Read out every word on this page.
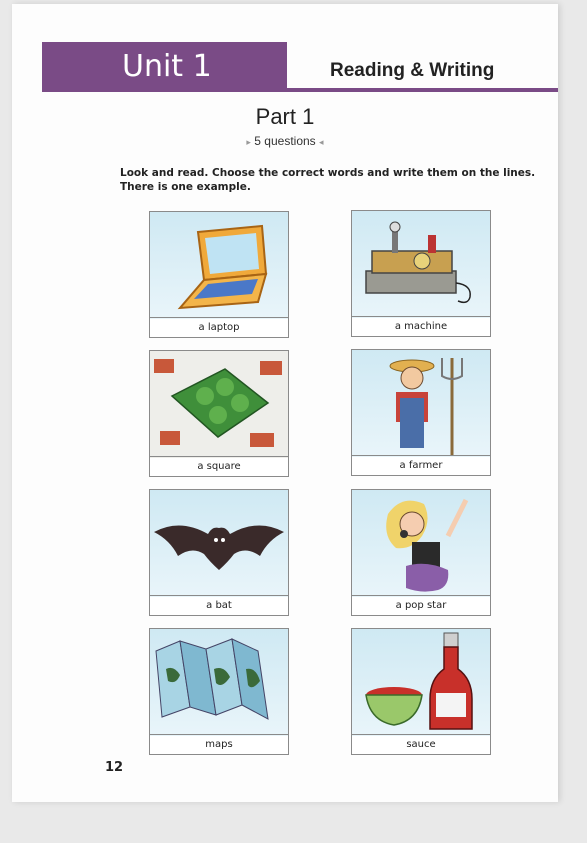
Unit 1	Reading & Writing
Part 1
▸ 5 questions ◂
Look and read. Choose the correct words and write them on the lines. There is one example.
a laptop	a machine
a square	a farmer
a bat	a pop star
maps	sauce
12
